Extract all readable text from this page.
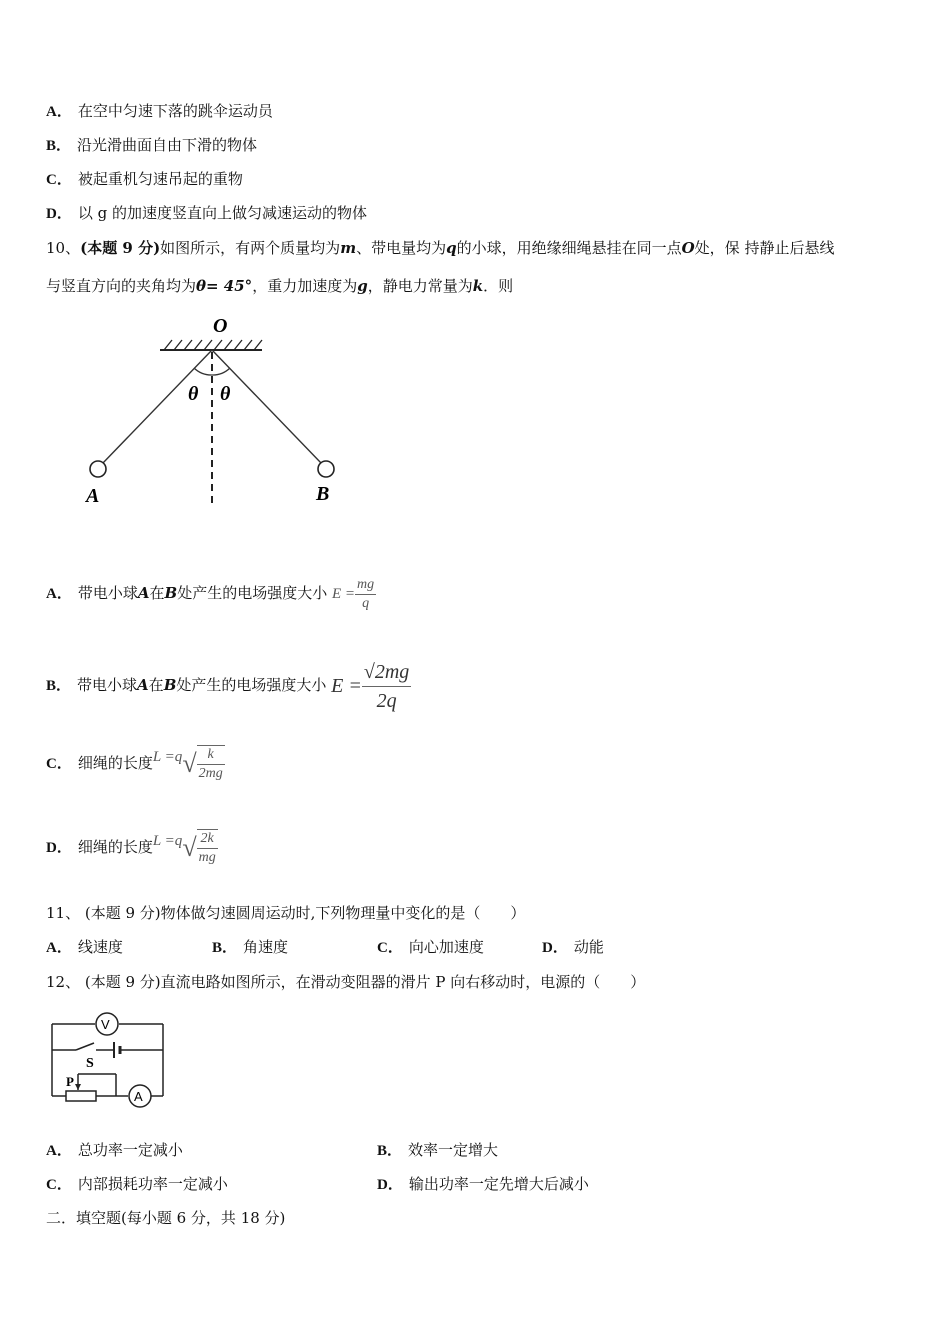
A． 在空中匀速下落的跳伞运动员
B． 沿光滑曲面自由下滑的物体
C． 被起重机匀速吊起的重物
D． 以 g 的加速度竖直向上做匀减速运动的物体
10、(本题 9 分)如图所示，有两个质量均为m、带电量均为q的小球，用绝缘细绳悬挂在同一点O处，保 持静止后悬线
与竖直方向的夹角均为θ= 45°，重力加速度为g，静电力常量为k．则
O
θ θ
A	B
A． 带电小球A在B处产生的电场强度大小 $E = \frac{mg}{q}$
B． 带电小球A在B处产生的电场强度大小 $E = \frac{√2mg}{2q}$
C． 细绳的长度$L =q√ \frac{k}{2mg}$
D． 细绳的长度$L =q√ \frac{2k}{mg}$
11、 (本题 9 分)物体做匀速圆周运动时,下列物理量中变化的是（　　）
A． 线速度	B． 角速度	C． 向心加速度	D． 动能
12、 (本题 9 分)直流电路如图所示，在滑动变阻器的滑片 P 向右移动时，电源的（　　）
V
S
P
A
A． 总功率一定减小	B． 效率一定增大
C． 内部损耗功率一定减小	D． 输出功率一定先增大后减小
二．填空题(每小题 6 分，共 18 分)
